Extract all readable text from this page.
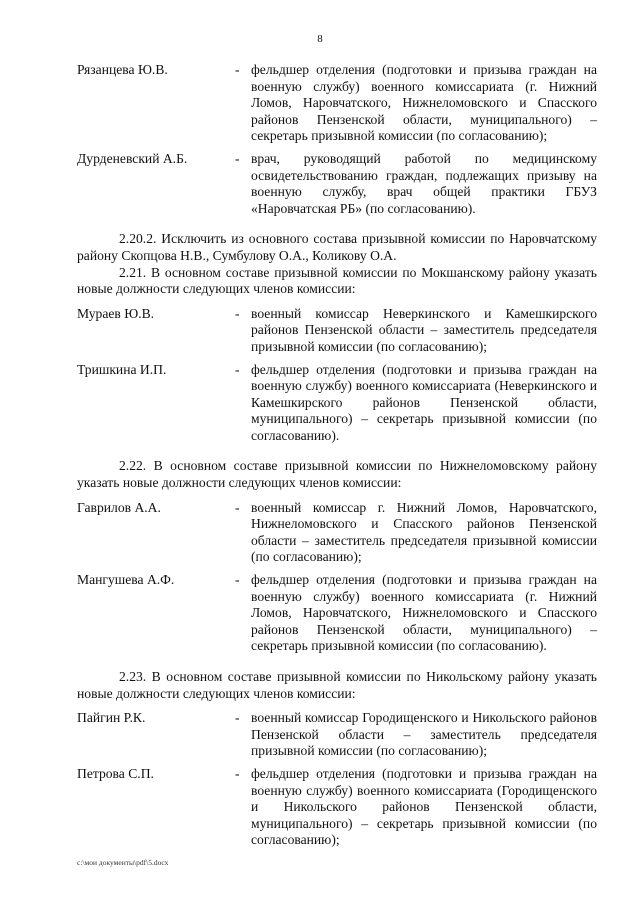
8
Рязанцева Ю.В.	- фельдшер отделения (подготовки и призыва граждан на военную службу) военного комиссариата (г. Нижний Ломов, Наровчатского, Нижнеломовского и Спасского районов Пензенской области, муниципального) – секретарь призывной комиссии (по согласованию);
Дурденевский А.Б.	- врач, руководящий работой по медицинскому освидетельствованию граждан, подлежащих призыву на военную службу, врач общей практики ГБУЗ «Наровчатская РБ» (по согласованию).

2.20.2. Исключить из основного состава призывной комиссии по Наровчатскому району Скопцова Н.В., Сумбулову О.А., Коликову О.А.

2.21. В основном составе призывной комиссии по Мокшанскому району указать новые должности следующих членов комиссии:

Мураев Ю.В.	- военный комиссар Неверкинского и Камешкирского районов Пензенской области – заместитель председателя призывной комиссии (по согласованию);
Тришкина И.П.	- фельдшер отделения (подготовки и призыва граждан на военную службу) военного комиссариата (Неверкинского и Камешкирского районов Пензенской области, муниципального) – секретарь призывной комиссии (по согласованию).

2.22. В основном составе призывной комиссии по Нижнеломовскому району указать новые должности следующих членов комиссии:

Гаврилов А.А.	- военный комиссар г. Нижний Ломов, Наровчатского, Нижнеломовского и Спасского районов Пензенской области – заместитель председателя призывной комиссии (по согласованию);
Мангушева А.Ф.	- фельдшер отделения (подготовки и призыва граждан на военную службу) военного комиссариата (г. Нижний Ломов, Наровчатского, Нижнеломовского и Спасского районов Пензенской области, муниципального) – секретарь призывной комиссии (по согласованию).

2.23. В основном составе призывной комиссии по Никольскому району указать новые должности следующих членов комиссии:

Пайгин Р.К.	- военный комиссар Городищенского и Никольского районов Пензенской области – заместитель председателя призывной комиссии (по согласованию);
Петрова С.П.	- фельдшер отделения (подготовки и призыва граждан на военную службу) военного комиссариата (Городищенского и Никольского районов Пензенской области, муниципального) – секретарь призывной комиссии (по согласованию);
c:\мои документы\pdf\5.docx
